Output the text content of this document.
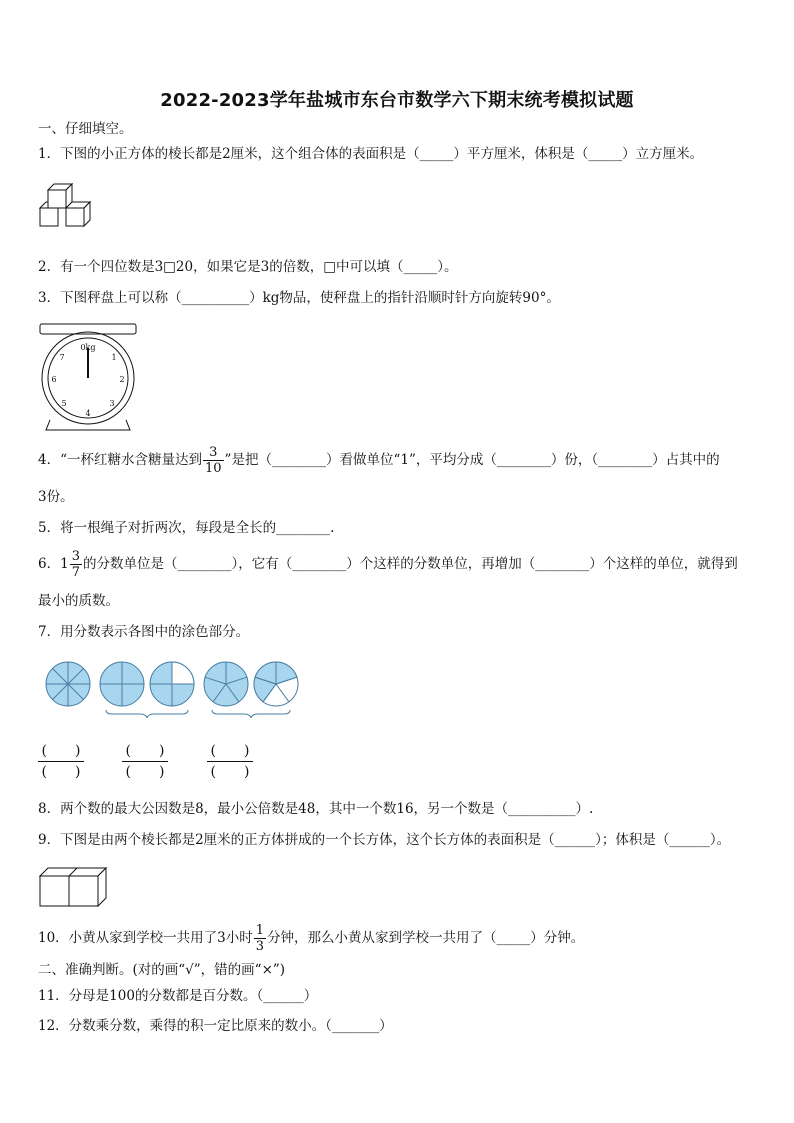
2022-2023学年盐城市东台市数学六下期末统考模拟试题
一、仔细填空。
1．下图的小正方体的棱长都是2厘米，这个组合体的表面积是（_____）平方厘米，体积是（_____）立方厘米。
2．有一个四位数是3□20，如果它是3的倍数，□中可以填（_____）。
3．下图秤盘上可以称（__________）kg物品，使秤盘上的指针沿顺时针方向旋转90°。
0kg
1
2
3
4
5
6
7
4．“一杯红糖水含糖量达到 $\frac{3}{10}$ ”是把（________）看做单位“1”，平均分成（________）份，（________）占其中的
3份。
5．将一根绳子对折两次，每段是全长的________.
6．$1 \frac{3}{7}$ 的分数单位是（________），它有（________）个这样的分数单位，再增加（________）个这样的单位，就得到
最小的质数。
7．用分数表示各图中的涂色部分。
(　　)
(　　)
(　　)
(　　)
(　　)
(　　)
8．两个数的最大公因数是8，最小公倍数是48，其中一个数16，另一个数是（__________）.
9．下图是由两个棱长都是2厘米的正方体拼成的一个长方体，这个长方体的表面积是（______）；体积是（______）。
10．小黄从家到学校一共用了3小时 $\frac{1}{3}$ 分钟，那么小黄从家到学校一共用了（_____）分钟。
二、准确判断。(对的画“√”，错的画“×”)
11．分母是100的分数都是百分数。（______）
12．分数乘分数，乘得的积一定比原来的数小。（_______）
